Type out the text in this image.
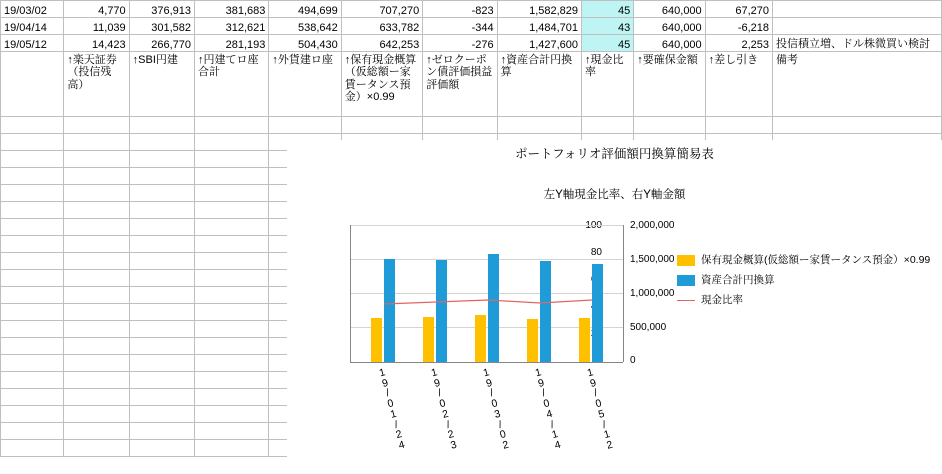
19/03/02	4,770	376,913	381,683	494,699	707,270	-823	1,582,829	45	640,000	67,270	
19/04/14	11,039	301,582	312,621	538,642	633,782	-344	1,484,701	43	640,000	-6,218	
19/05/12	14,423	266,770	281,193	504,430	642,253	-276	1,427,600	45	640,000	2,253	投信積立増、ドル株微買い検討
	↑楽天証券（投信残高）	↑SBI円建	↑円建てロ座合計	↑外貨建ロ座	↑保有現金概算（仮総額ー家賃ータンス預金）×0.99	↑ゼロクーポン債評価損益評価額	↑資産合計円換算	↑現金比率	↑要確保金額	↑差し引き	備考

ポートフォリオ評価額円換算簡易表
左Y軸現金比率、右Y軸金額
100
80
2,000,000
1,500,000
1,000,000
500,000
0
1
9
/
0
1
/
2
4
1
9
/
0
2
/
2
3
1
9
/
0
3
/
0
2
1
9
/
0
4
/
1
4
1
9
/
0
5
/
1
2
保有現金概算(仮総額ー家賃ータンス預金）×0.99
資産合計円換算
現金比率
